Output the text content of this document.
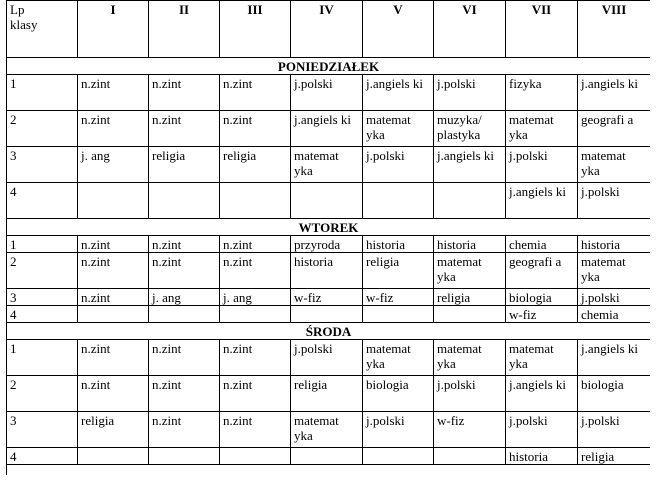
Lp
klasy	I	II	III	IV	V	VI	VII	VIII
PONIEDZIAŁEK								
1	n.zint	n.zint	n.zint	j.polski	j.angiels ki	j.polski	fizyka	j.angiels ki
2	n.zint	n.zint	n.zint	j.angiels ki	matemat yka	muzyka/ plastyka	matemat yka	geografi a
3	j. ang	religia	religia	matemat yka	j.polski	j.angiels ki	j.polski	matemat yka
4							j.angiels ki	j.polski
WTOREK								
1	n.zint	n.zint	n.zint	przyroda	historia	historia	chemia	historia
2	n.zint	n.zint	n.zint	historia	religia	matemat yka	geografi a	matemat yka
3	n.zint	j. ang	j. ang	w-fiz	w-fiz	religia	biologia	j.polski
4							w-fiz	chemia
ŚRODA								
1	n.zint	n.zint	n.zint	j.polski	matemat yka	matemat yka	matemat yka	j.angiels ki
2	n.zint	n.zint	n.zint	religia	biologia	j.polski	j.angiels ki	biologia
3	religia	n.zint	n.zint	matemat yka	j.polski	w-fiz	j.polski	j.polski
4							historia	religia
